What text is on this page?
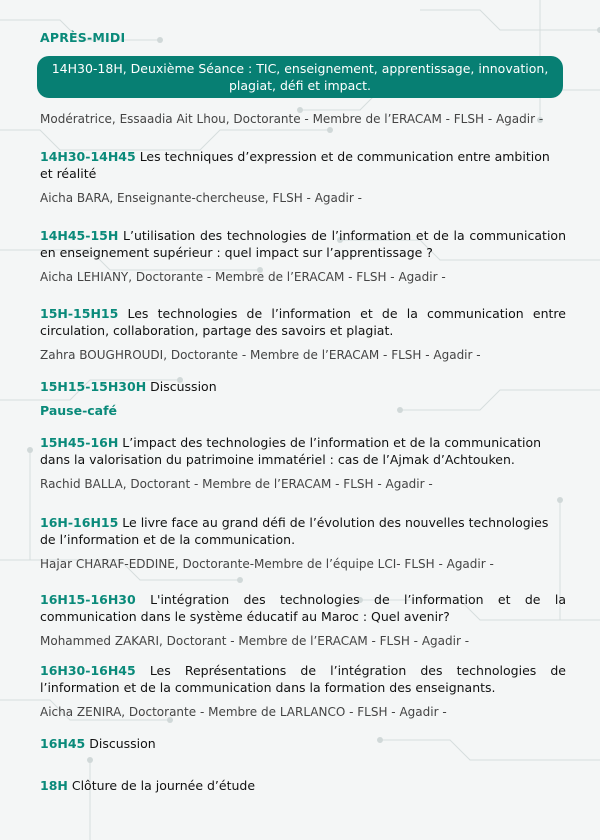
APRÈS-MIDI
14H30-18H, Deuxième Séance : TIC, enseignement, apprentissage, innovation,
plagiat, défi et impact.
Modératrice, Essaadia Ait Lhou, Doctorante - Membre de l’ERACAM - FLSH - Agadir -
14H30-14H45 Les techniques d’expression et de communication entre ambition et réalité
Aicha BARA, Enseignante-chercheuse, FLSH - Agadir -
14H45-15H L’utilisation des technologies de l’information et de la communication en enseignement supérieur : quel impact sur l’apprentissage ?
Aicha LEHIANY, Doctorante - Membre de l’ERACAM - FLSH - Agadir -
15H-15H15 Les technologies de l’information et de la communication entre circulation, collaboration, partage des savoirs et plagiat.
Zahra BOUGHROUDI, Doctorante - Membre de l’ERACAM - FLSH - Agadir -
15H15-15H30H Discussion
Pause-café
15H45-16H L’impact des technologies de l’information et de la communication dans la valorisation du patrimoine immatériel : cas de l’Ajmak d’Achtouken.
Rachid BALLA, Doctorant - Membre de l’ERACAM - FLSH - Agadir -
16H-16H15 Le livre face au grand défi de l’évolution des nouvelles technologies de l’information et de la communication.
Hajar CHARAF-EDDINE, Doctorante-Membre de l’équipe LCI- FLSH - Agadir -
16H15-16H30 L'intégration des technologies de l’information et de la communication dans le système éducatif au Maroc : Quel avenir?
Mohammed ZAKARI, Doctorant - Membre de l’ERACAM - FLSH - Agadir -
16H30-16H45 Les Représentations de l’intégration des technologies de l’information et de la communication dans la formation des enseignants.
Aicha ZENIRA, Doctorante - Membre de LARLANCO - FLSH - Agadir -
16H45 Discussion
18H Clôture de la journée d’étude
